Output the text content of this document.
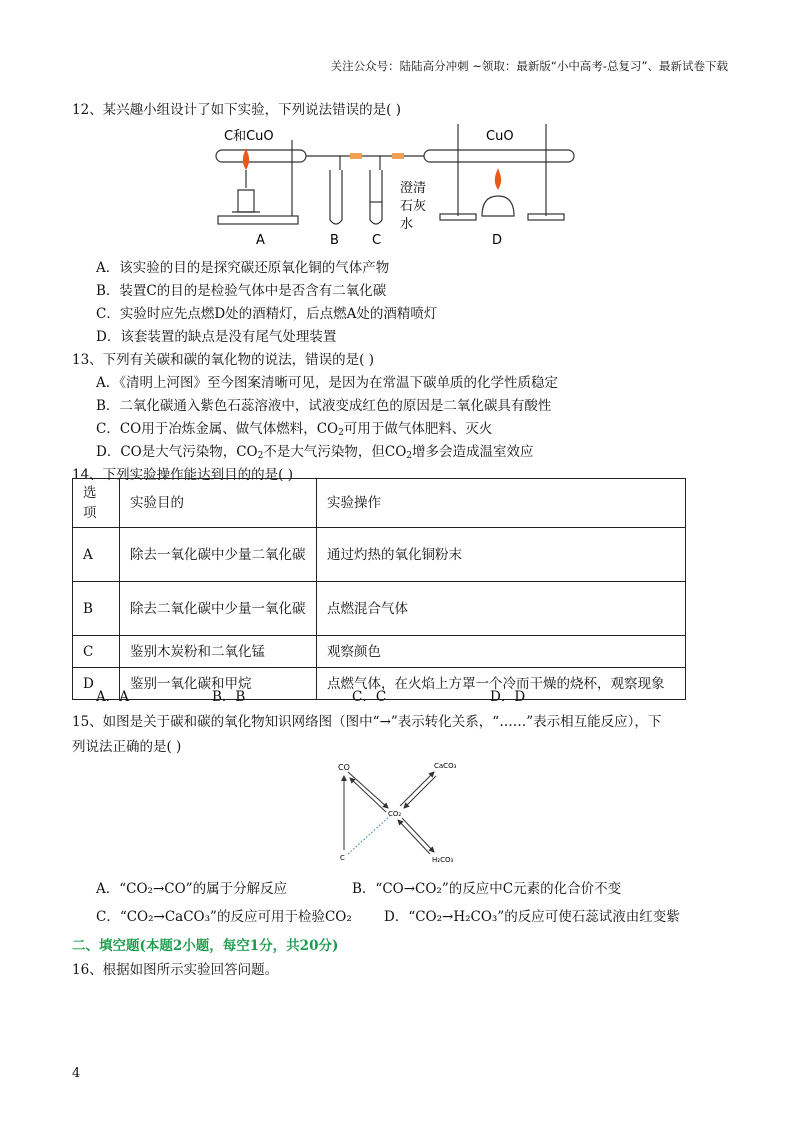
关注公众号：陆陆高分冲刺 ~领取：最新版“小中高考-总复习”、最新试卷下载
12、某兴趣小组设计了如下实验，下列说法错误的是( )
C和CuO
澄清
石灰
水
CuO
A	B	C	D
A．该实验的目的是探究碳还原氧化铜的气体产物
B．装置C的目的是检验气体中是否含有二氧化碳
C．实验时应先点燃D处的酒精灯，后点燃A处的酒精喷灯
D．该套装置的缺点是没有尾气处理装置
13、下列有关碳和碳的氧化物的说法，错误的是( )
A．《清明上河图》至今图案清晰可见，是因为在常温下碳单质的化学性质稳定
B．二氧化碳通入紫色石蕊溶液中，试液变成红色的原因是二氧化碳具有酸性
C．CO用于冶炼金属、做气体燃料，$CO_2$可用于做气体肥料、灭火
D．CO是大气污染物，$CO_2$不是大气污染物，但$CO_2$增多会造成温室效应
14、下列实验操作能达到目的的是( )
选项	实验目的	实验操作
A	除去一氧化碳中少量二氧化碳	通过灼热的氧化铜粉末
B	除去二氧化碳中少量一氧化碳	点燃混合气体
C	鉴别木炭粉和二氧化锰	观察颜色
D	鉴别一氧化碳和甲烷	点燃气体，在火焰上方罩一个冷而干燥的烧杯，观察现象
A．A	B．B	C．C	D．D
15、如图是关于碳和碳的氧化物知识网络图（图中“→”表示转化关系，“……”表示相互能反应），下
列说法正确的是( )
CO	CaCO₃
CO₂
C	H₂CO₃
A．“CO₂→CO”的属于分解反应	B．“CO→CO₂”的反应中C元素的化合价不变
C．“CO₂→CaCO₃”的反应可用于检验CO₂ D．“CO₂→H₂CO₃”的反应可使石蕊试液由红变紫
二、填空题(本题2小题，每空1分，共20分)
16、根据如图所示实验回答问题。
4
